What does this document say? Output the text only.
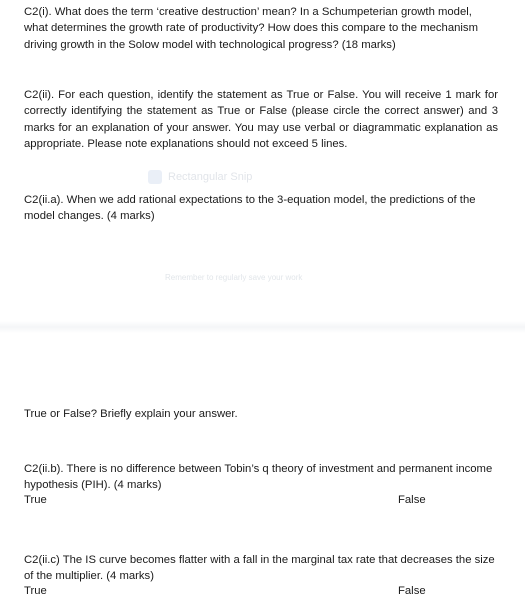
C2(i). What does the term ‘creative destruction’ mean? In a Schumpeterian growth model, what determines the growth rate of productivity? How does this compare to the mechanism driving growth in the Solow model with technological progress? (18 marks)

C2(ii). For each question, identify the statement as True or False. You will receive 1 mark for correctly identifying the statement as True or False (please circle the correct answer) and 3 marks for an explanation of your answer. You may use verbal or diagrammatic explanation as appropriate. Please note explanations should not exceed 5 lines.

Rectangular Snip

C2(ii.a). When we add rational expectations to the 3-equation model, the predictions of the model changes. (4 marks)

Remember to regularly save your work

True or False? Briefly explain your answer.

C2(ii.b). There is no difference between Tobin’s q theory of investment and permanent income hypothesis (PIH). (4 marks)

True	False

C2(ii.c) The IS curve becomes flatter with a fall in the marginal tax rate that decreases the size of the multiplier. (4 marks)

True	False
